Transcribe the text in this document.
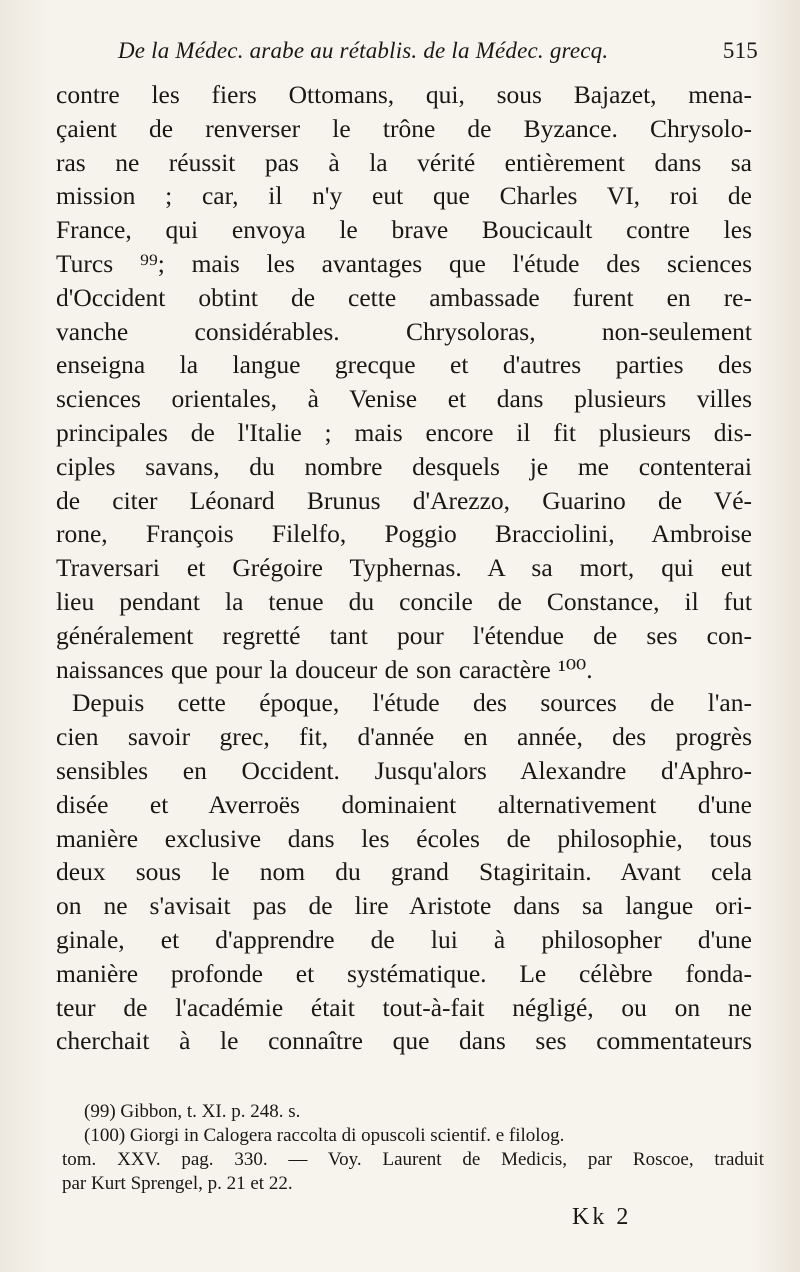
De la Médec. arabe au rétablis. de la Médec. grecq.	515
contre les fiers Ottomans, qui, sous Bajazet, mena-
çaient de renverser le trône de Byzance. Chrysolo-
ras ne réussit pas à la vérité entièrement dans sa
mission ; car, il n'y eut que Charles VI, roi de
France, qui envoya le brave Boucicault contre les
Turcs ⁹⁹; mais les avantages que l'étude des sciences
d'Occident obtint de cette ambassade furent en re-
vanche considérables. Chrysoloras, non-seulement
enseigna la langue grecque et d'autres parties des
sciences orientales, à Venise et dans plusieurs villes
principales de l'Italie ; mais encore il fit plusieurs dis-
ciples savans, du nombre desquels je me contenterai
de citer Léonard Brunus d'Arezzo, Guarino de Vé-
rone, François Filelfo, Poggio Bracciolini, Ambroise
Traversari et Grégoire Typhernas. A sa mort, qui eut
lieu pendant la tenue du concile de Constance, il fut
généralement regretté tant pour l'étendue de ses con-
naissances que pour la douceur de son caractère ¹⁰⁰.
Depuis cette époque, l'étude des sources de l'an-
cien savoir grec, fit, d'année en année, des progrès
sensibles en Occident. Jusqu'alors Alexandre d'Aphro-
disée et Averroës dominaient alternativement d'une
manière exclusive dans les écoles de philosophie, tous
deux sous le nom du grand Stagiritain. Avant cela
on ne s'avisait pas de lire Aristote dans sa langue ori-
ginale, et d'apprendre de lui à philosopher d'une
manière profonde et systématique. Le célèbre fonda-
teur de l'académie était tout-à-fait négligé, ou on ne
cherchait à le connaître que dans ses commentateurs
(99) Gibbon, t. XI. p. 248. s.
(100) Giorgi in Calogera raccolta di opuscoli scientif. e filolog.
tom. XXV. pag. 330. — Voy. Laurent de Medicis, par Roscoe, traduit
par Kurt Sprengel, p. 21 et 22.
Kk 2
